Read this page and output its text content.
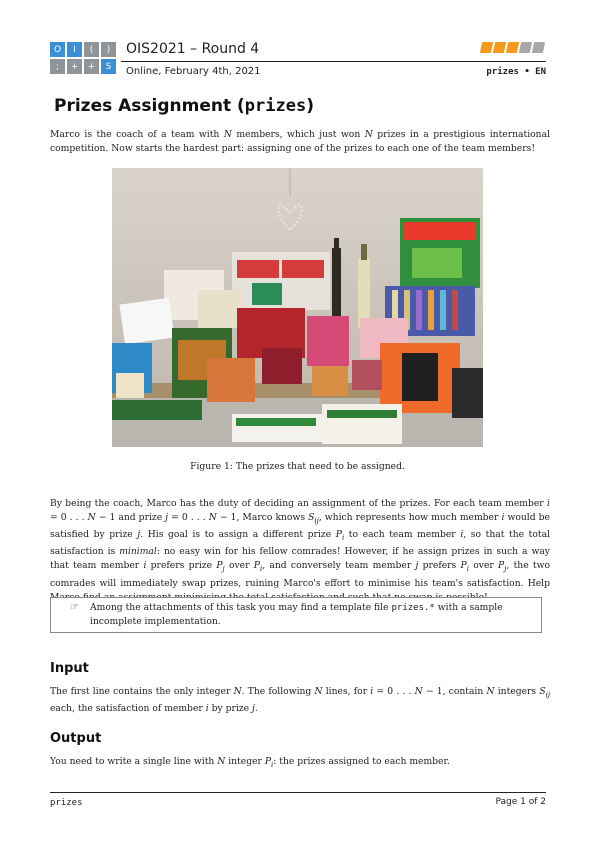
O	I	(	)
;	+	+	S
OIS2021 – Round 4
Online, February 4th, 2021	prizes • EN
Prizes Assignment (prizes)
Marco is the coach of a team with N members, which just won N prizes in a prestigious international competition. Now starts the hardest part: assigning one of the prizes to each one of the team members!
Figure 1: The prizes that need to be assigned.
By being the coach, Marco has the duty of deciding an assignment of the prizes. For each team member i = 0 . . . N − 1 and prize j = 0 . . . N − 1, Marco knows $S_{ij}$, which represents how much member i would be satisfied by prize j. His goal is to assign a different prize $P_i$ to each team member i, so that the total satisfaction is minimal: no easy win for his fellow comrades! However, if he assign prizes in such a way that team member i prefers prize $P_j$ over $P_i$, and conversely team member j prefers $P_i$ over $P_j$, the two comrades will immediately swap prizes, ruining Marco's effort to minimise his team's satisfaction. Help
☞ Among the attachments of this task you may find a template file prizes.* with a sample incomplete implementation.
Input
The first line contains the only integer N. The following N lines, for i = 0 . . . N − 1, contain N integers $S_{ij}$ each, the satisfaction of member i by prize j.
Output
You need to write a single line with N integer $P_i$: the prizes assigned to each member.
prizes	Page 1 of 2
